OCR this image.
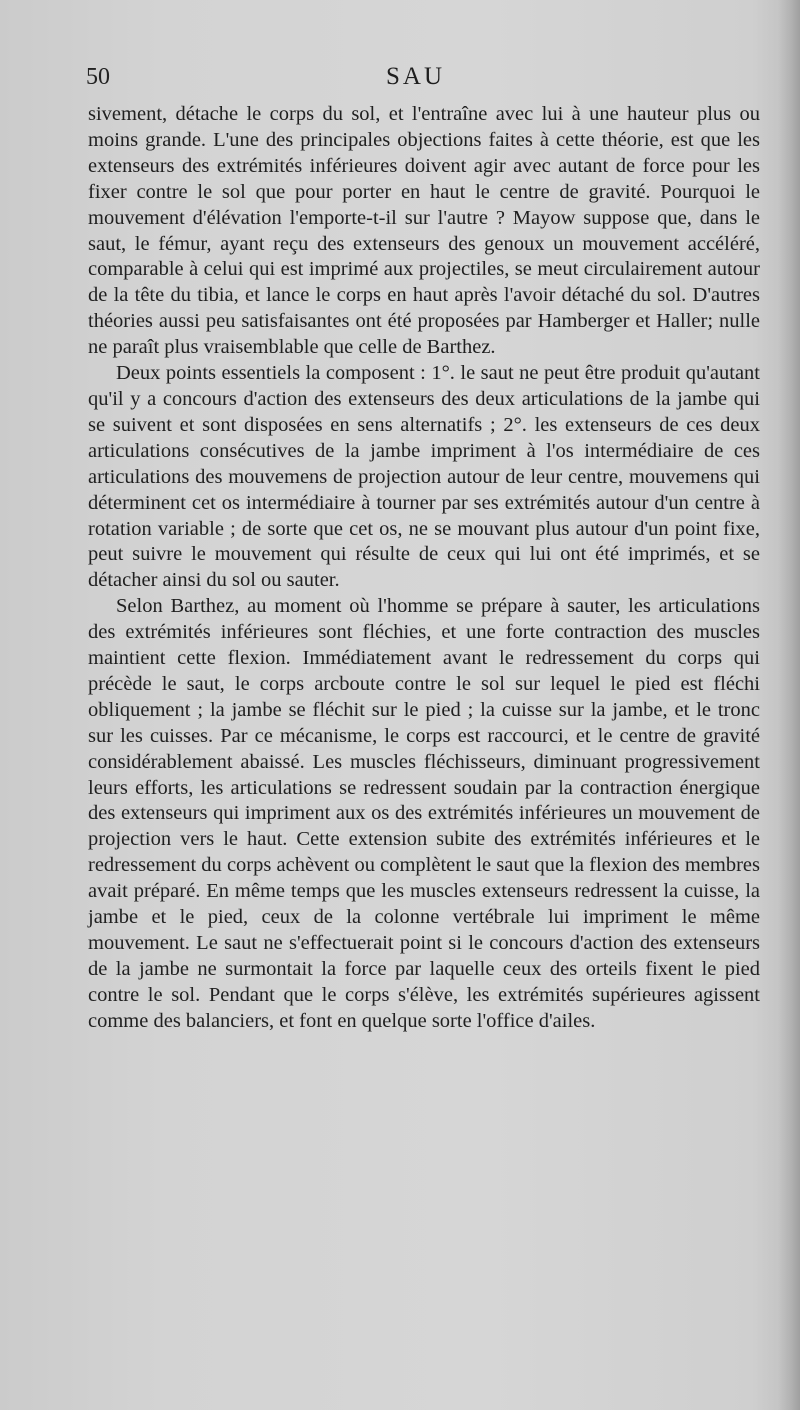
50	SAU

sivement, détache le corps du sol, et l'entraîne avec lui à une hauteur plus ou moins grande. L'une des principales objections faites à cette théorie, est que les extenseurs des extrémités inférieures doivent agir avec autant de force pour les fixer contre le sol que pour porter en haut le centre de gravité. Pourquoi le mouvement d'élévation l'emporte-t-il sur l'autre ? Mayow suppose que, dans le saut, le fémur, ayant reçu des extenseurs des genoux un mouvement accéléré, comparable à celui qui est imprimé aux projectiles, se meut circulairement autour de la tête du tibia, et lance le corps en haut après l'avoir détaché du sol. D'autres théories aussi peu satisfaisantes ont été proposées par Hamberger et Haller; nulle ne paraît plus vraisemblable que celle de Barthez.

Deux points essentiels la composent : 1°. le saut ne peut être produit qu'autant qu'il y a concours d'action des extenseurs des deux articulations de la jambe qui se suivent et sont disposées en sens alternatifs ; 2°. les extenseurs de ces deux articulations consécutives de la jambe impriment à l'os intermédiaire de ces articulations des mouvemens de projection autour de leur centre, mouvemens qui déterminent cet os intermédiaire à tourner par ses extrémités autour d'un centre à rotation variable ; de sorte que cet os, ne se mouvant plus autour d'un point fixe, peut suivre le mouvement qui résulte de ceux qui lui ont été imprimés, et se détacher ainsi du sol ou sauter.

Selon Barthez, au moment où l'homme se prépare à sauter, les articulations des extrémités inférieures sont fléchies, et une forte contraction des muscles maintient cette flexion. Immédiatement avant le redressement du corps qui précède le saut, le corps arcboute contre le sol sur lequel le pied est fléchi obliquement ; la jambe se fléchit sur le pied ; la cuisse sur la jambe, et le tronc sur les cuisses. Par ce mécanisme, le corps est raccourci, et le centre de gravité considérablement abaissé. Les muscles fléchisseurs, diminuant progressivement leurs efforts, les articulations se redressent soudain par la contraction énergique des extenseurs qui impriment aux os des extrémités inférieures un mouvement de projection vers le haut. Cette extension subite des extrémités inférieures et le redressement du corps achèvent ou complètent le saut que la flexion des membres avait préparé. En même temps que les muscles extenseurs redressent la cuisse, la jambe et le pied, ceux de la colonne vertébrale lui impriment le même mouvement. Le saut ne s'effectuerait point si le concours d'action des extenseurs de la jambe ne surmontait la force par laquelle ceux des orteils fixent le pied contre le sol. Pendant que le corps s'élève, les extrémités supérieures agissent comme des balanciers, et font en quelque sorte l'office d'ailes.
